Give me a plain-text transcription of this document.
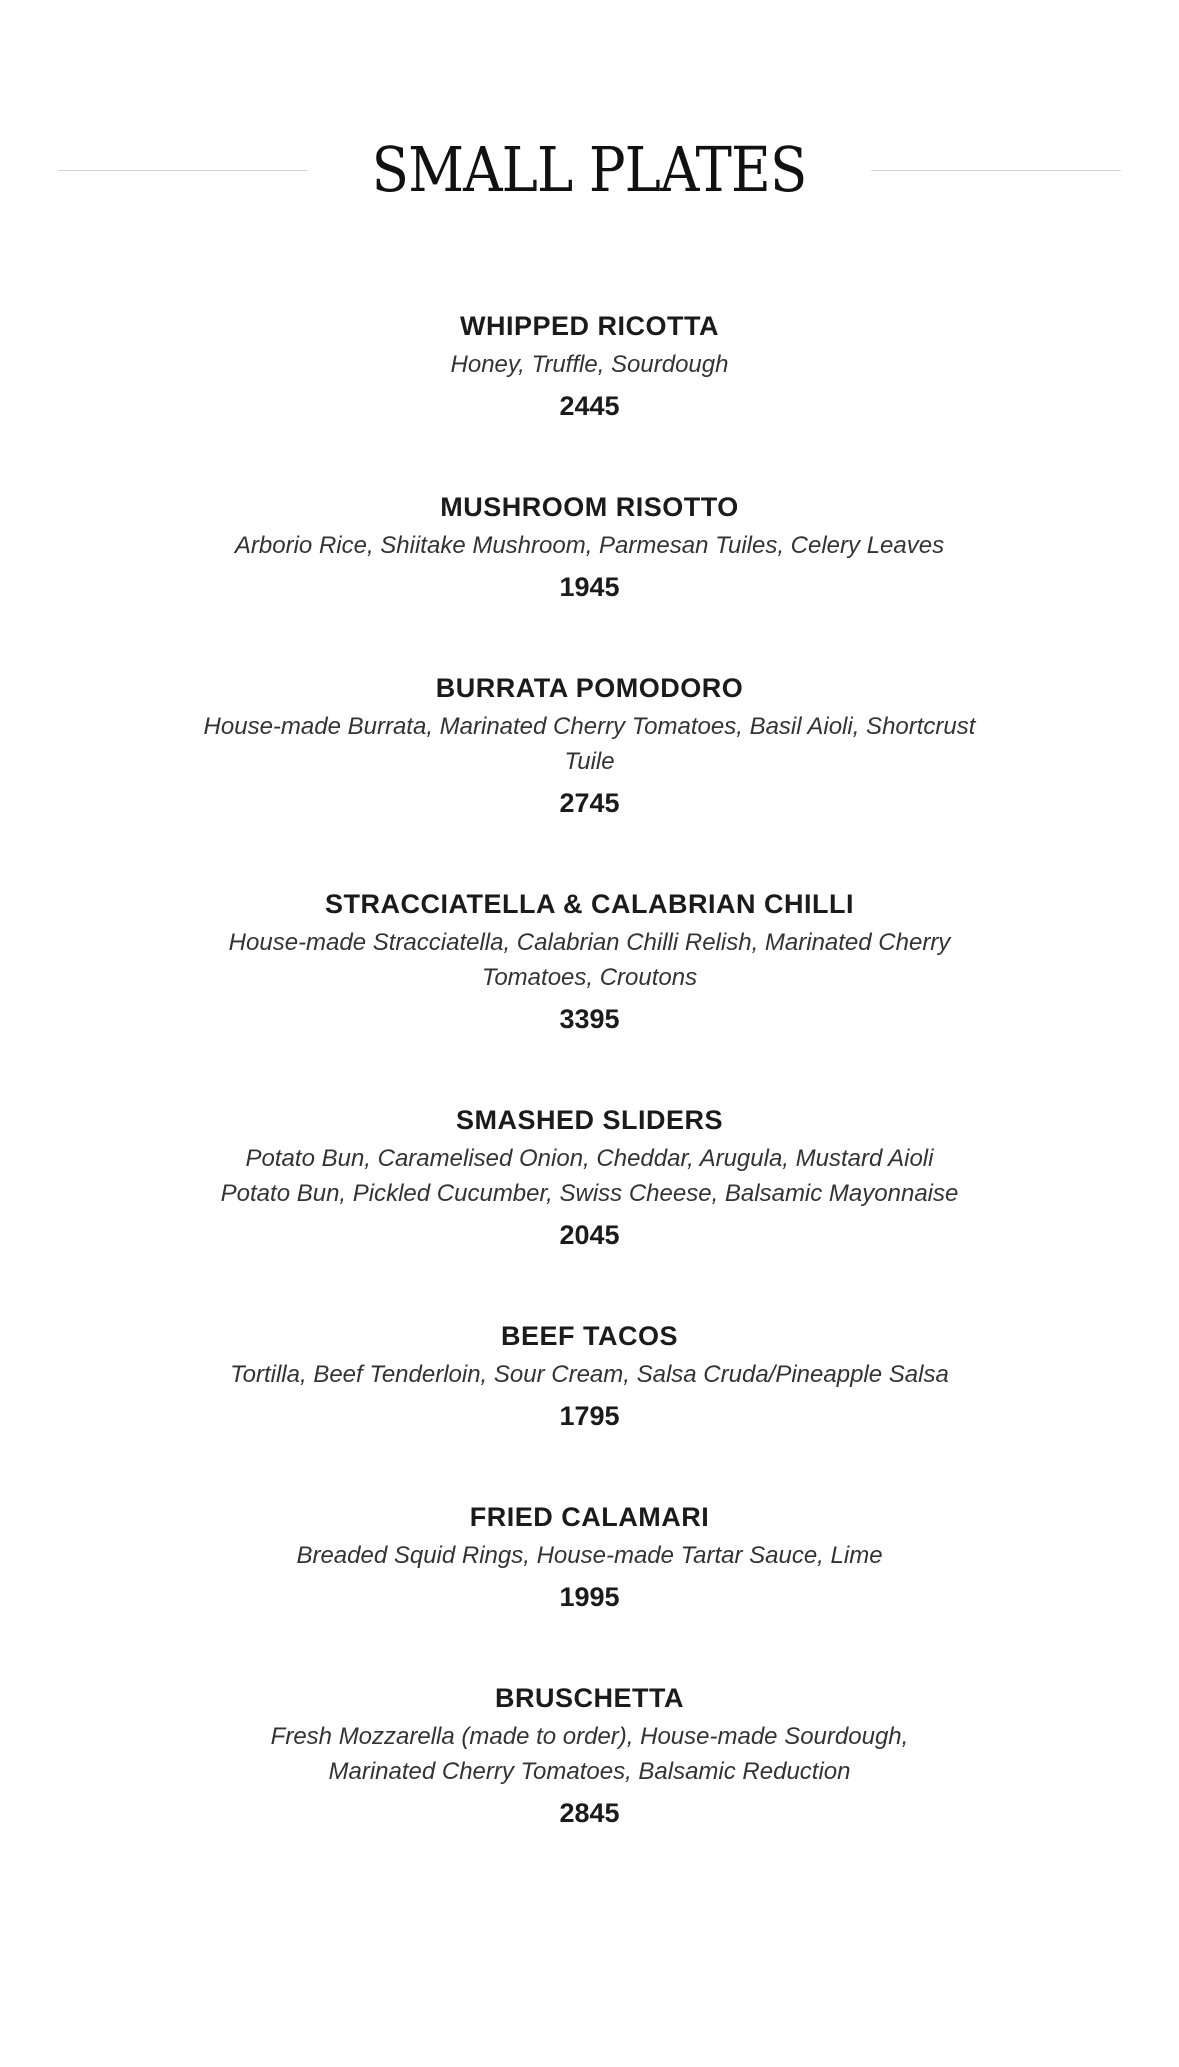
SMALL PLATES
WHIPPED RICOTTA
Honey, Truffle, Sourdough
2445
MUSHROOM RISOTTO
Arborio Rice, Shiitake Mushroom, Parmesan Tuiles, Celery Leaves
1945
BURRATA POMODORO
House-made Burrata, Marinated Cherry Tomatoes, Basil Aioli, Shortcrust Tuile
2745
STRACCIATELLA & CALABRIAN CHILLI
House-made Stracciatella, Calabrian Chilli Relish, Marinated Cherry Tomatoes, Croutons
3395
SMASHED SLIDERS
Potato Bun, Caramelised Onion, Cheddar, Arugula, Mustard Aioli
Potato Bun, Pickled Cucumber, Swiss Cheese, Balsamic Mayonnaise
2045
BEEF TACOS
Tortilla, Beef Tenderloin, Sour Cream, Salsa Cruda/Pineapple Salsa
1795
FRIED CALAMARI
Breaded Squid Rings, House-made Tartar Sauce, Lime
1995
BRUSCHETTA
Fresh Mozzarella (made to order), House-made Sourdough, Marinated Cherry Tomatoes, Balsamic Reduction
2845
